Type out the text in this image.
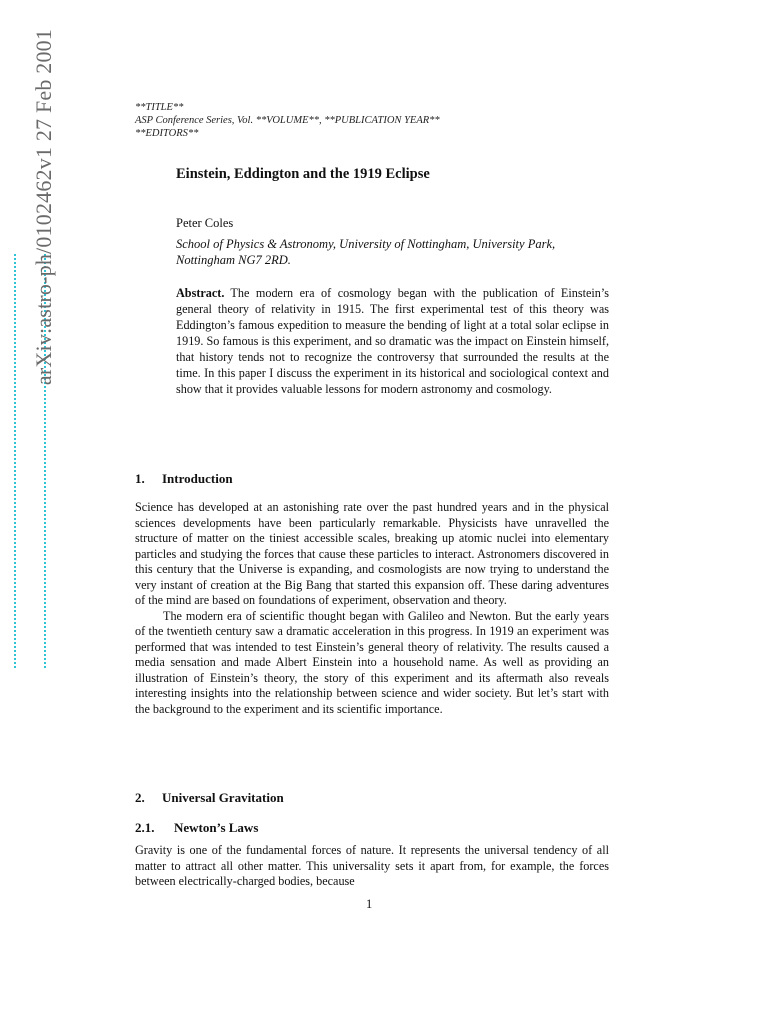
arXiv:astro-ph/0102462v1 27 Feb 2001	**TITLE**
ASP Conference Series, Vol. **VOLUME**, **PUBLICATION YEAR**
**EDITORS**
Einstein, Eddington and the 1919 Eclipse
Peter Coles
School of Physics & Astronomy, University of Nottingham, University Park, Nottingham NG7 2RD.
Abstract. The modern era of cosmology began with the publication of Einstein’s general theory of relativity in 1915. The first experimental test of this theory was Eddington’s famous expedition to measure the bending of light at a total solar eclipse in 1919. So famous is this experiment, and so dramatic was the impact on Einstein himself, that history tends not to recognize the controversy that surrounded the results at the time. In this paper I discuss the experiment in its historical and sociological context and show that it provides valuable lessons for modern astronomy and cosmology.
1. Introduction

Science has developed at an astonishing rate over the past hundred years and in the physical sciences developments have been particularly remarkable. Physicists have unravelled the structure of matter on the tiniest accessible scales, breaking up atomic nuclei into elementary particles and studying the forces that cause these particles to interact. Astronomers discovered in this century that the Universe is expanding, and cosmologists are now trying to understand the very instant of creation at the Big Bang that started this expansion off. These daring adventures of the mind are based on foundations of experiment, observation and theory.

The modern era of scientific thought began with Galileo and Newton. But the early years of the twentieth century saw a dramatic acceleration in this progress. In 1919 an experiment was performed that was intended to test Einstein’s general theory of relativity. The results caused a media sensation and made Albert Einstein into a household name. As well as providing an illustration of Einstein’s theory, the story of this experiment and its aftermath also reveals interesting insights into the relationship between science and wider society. But let’s start with the background to the experiment and its scientific importance.

2. Universal Gravitation
2.1. Newton’s Laws

Gravity is one of the fundamental forces of nature. It represents the universal tendency of all matter to attract all other matter. This universality sets it apart from, for example, the forces between electrically-charged bodies, because

1
